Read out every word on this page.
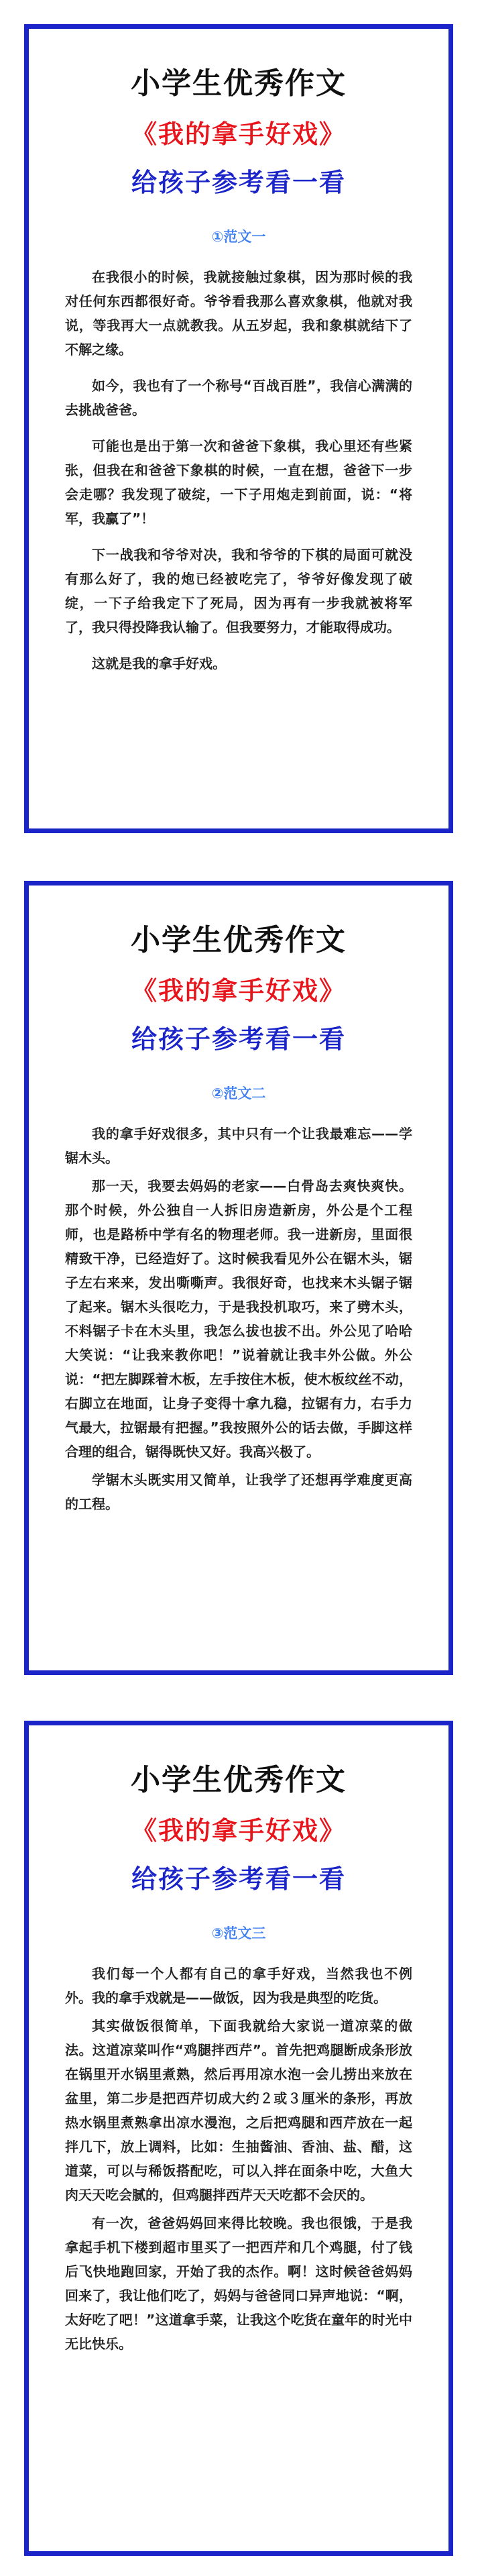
小学生优秀作文
《我的拿手好戏》
给孩子参考看一看
①范文一

在我很小的时候，我就接触过象棋，因为那时候的我对任何东西都很好奇。爷爷看我那么喜欢象棋，他就对我说，等我再大一点就教我。从五岁起，我和象棋就结下了不解之缘。

如今，我也有了一个称号“百战百胜”，我信心满满的去挑战爸爸。

可能也是出于第一次和爸爸下象棋，我心里还有些紧张，但我在和爸爸下象棋的时候，一直在想，爸爸下一步会走哪？我发现了破绽，一下子用炮走到前面，说：“将军，我赢了”！

下一战我和爷爷对决，我和爷爷的下棋的局面可就没有那么好了，我的炮已经被吃完了，爷爷好像发现了破绽，一下子给我定下了死局，因为再有一步我就被将军了，我只得投降我认输了。但我要努力，才能取得成功。

这就是我的拿手好戏。

小学生优秀作文
《我的拿手好戏》
给孩子参考看一看
②范文二

我的拿手好戏很多，其中只有一个让我最难忘——学锯木头。

那一天，我要去妈妈的老家——白骨岛去爽快爽快。那个时候，外公独自一人拆旧房造新房，外公是个工程师，也是路桥中学有名的物理老师。我一进新房，里面很精致干净，已经造好了。这时候我看见外公在锯木头，锯子左右来来，发出嘶嘶声。我很好奇，也找来木头锯子锯了起来。锯木头很吃力，于是我投机取巧，来了劈木头，不料锯子卡在木头里，我怎么拔也拔不出。外公见了哈哈大笑说：“让我来教你吧！”说着就让我丰外公做。外公说：“把左脚踩着木板，左手按住木板，使木板纹丝不动，右脚立在地面，让身子变得十拿九稳，拉锯有力，右手力气最大，拉锯最有把握。”我按照外公的话去做，手脚这样合理的组合，锯得既快又好。我高兴极了。

学锯木头既实用又简单，让我学了还想再学难度更高的工程。

小学生优秀作文
《我的拿手好戏》
给孩子参考看一看
③范文三

我们每一个人都有自己的拿手好戏，当然我也不例外。我的拿手戏就是——做饭，因为我是典型的吃货。

其实做饭很简单，下面我就给大家说一道凉菜的做法。这道凉菜叫作“鸡腿拌西芹”。首先把鸡腿断成条形放在锅里开水锅里煮熟，然后再用凉水泡一会儿捞出来放在盆里，第二步是把西芹切成大约２或３厘米的条形，再放热水锅里煮熟拿出凉水漫泡，之后把鸡腿和西芹放在一起拌几下，放上调料，比如：生抽酱油、香油、盐、醋，这道菜，可以与稀饭搭配吃，可以入拌在面条中吃，大鱼大肉天天吃会腻的，但鸡腿拌西芹天天吃都不会厌的。

有一次，爸爸妈妈回来得比较晚。我也很饿，于是我拿起手机下楼到超市里买了一把西芹和几个鸡腿，付了钱后飞快地跑回家，开始了我的杰作。啊！这时候爸爸妈妈回来了，我让他们吃了，妈妈与爸爸同口异声地说：“啊，太好吃了吧！”这道拿手菜，让我这个吃货在童年的时光中无比快乐。
